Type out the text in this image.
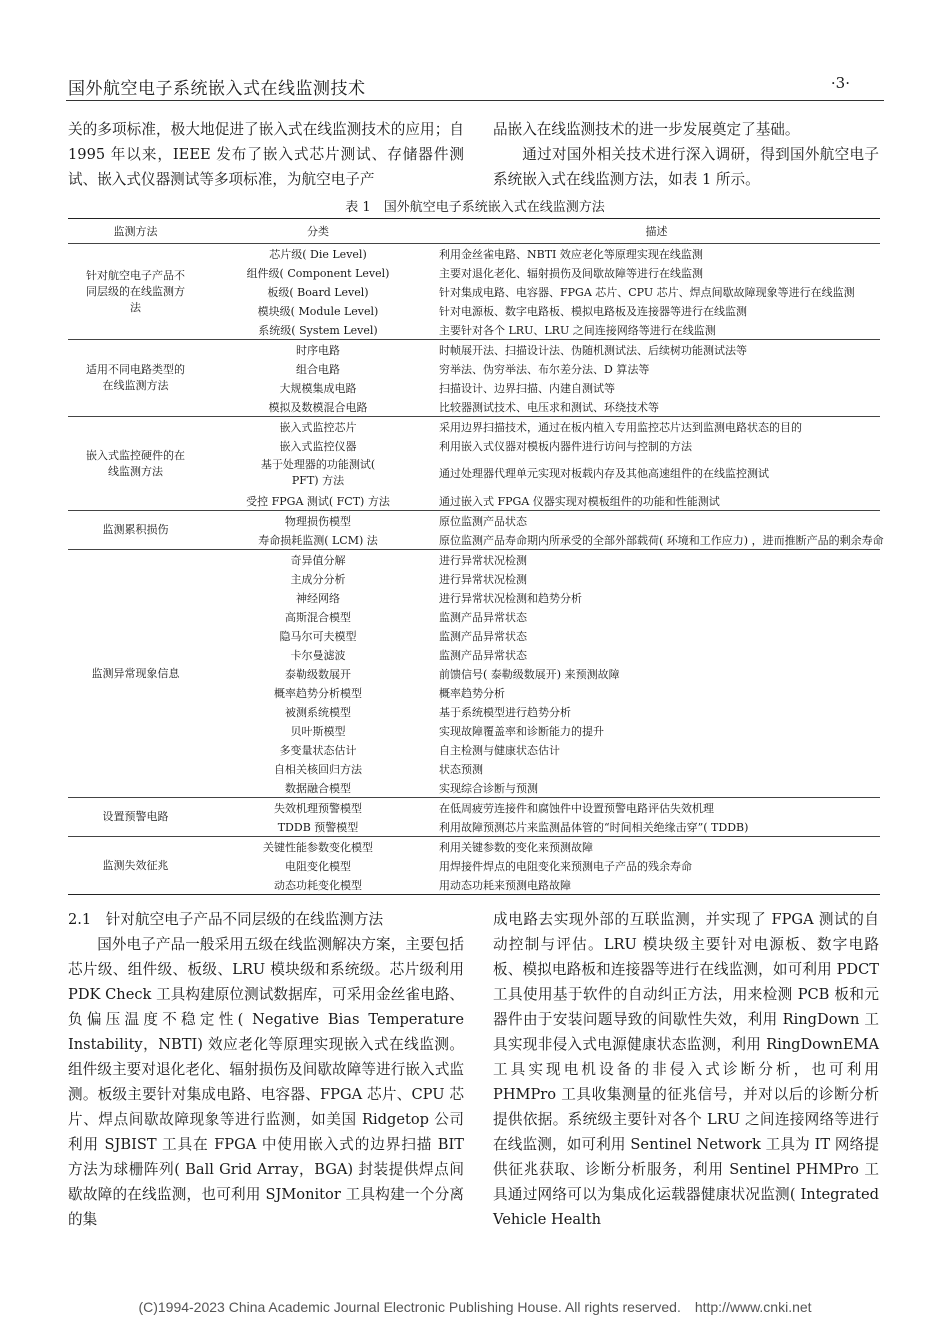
国外航空电子系统嵌入式在线监测技术	·3·

关的多项标准，极大地促进了嵌入式在线监测技术的应用；自 1995 年以来，IEEE 发布了嵌入式芯片测试、存储器件测试、嵌入式仪器测试等多项标准，为航空电子产

品嵌入在线监测技术的进一步发展奠定了基础。

通过对国外相关技术进行深入调研，得到国外航空电子系统嵌入式在线监测方法，如表 1 所示。

表 1　国外航空电子系统嵌入式在线监测方法
监测方法	分类	描述
针对航空电子产品不同层级的在线监测方法	芯片级( Die Level)	利用金丝雀电路、NBTI 效应老化等原理实现在线监测
	组件级( Component Level)	主要对退化老化、辐射损伤及间歇故障等进行在线监测
	板级( Board Level)	针对集成电路、电容器、FPGA 芯片、CPU 芯片、焊点间歇故障现象等进行在线监测
	模块级( Module Level)	针对电源板、数字电路板、模拟电路板及连接器等进行在线监测
	系统级( System Level)	主要针对各个 LRU、LRU 之间连接网络等进行在线监测
适用不同电路类型的在线监测方法	时序电路	时帧展开法、扫描设计法、伪随机测试法、后续树功能测试法等
	组合电路	穷举法、伪穷举法、布尔差分法、D 算法等
	大规模集成电路	扫描设计、边界扫描、内建自测试等
	模拟及数模混合电路	比较器测试技术、电压求和测试、环绕技术等
嵌入式监控硬件的在线监测方法	嵌入式监控芯片	采用边界扫描技术，通过在板内植入专用监控芯片达到监测电路状态的目的
	嵌入式监控仪器	利用嵌入式仪器对模板内器件进行访问与控制的方法
	基于处理器的功能测试( PFT) 方法	通过处理器代理单元实现对板载内存及其他高速组件的在线监控测试
	受控 FPGA 测试( FCT) 方法	通过嵌入式 FPGA 仪器实现对模板组件的功能和性能测试
监测累积损伤	物理损伤模型	原位监测产品状态
	寿命损耗监测( LCM) 法	原位监测产品寿命期内所承受的全部外部载荷( 环境和工作应力) ，进而推断产品的剩余寿命
监测异常现象信息	奇异值分解	进行异常状况检测
	主成分分析	进行异常状况检测
	神经网络	进行异常状况检测和趋势分析
	高斯混合模型	监测产品异常状态
	隐马尔可夫模型	监测产品异常状态
	卡尔曼滤波	监测产品异常状态
	泰勒级数展开	前馈信号( 泰勒级数展开) 来预测故障
	概率趋势分析模型	概率趋势分析
	被测系统模型	基于系统模型进行趋势分析
	贝叶斯模型	实现故障覆盖率和诊断能力的提升
	多变量状态估计	自主检测与健康状态估计
	自相关核回归方法	状态预测
	数据融合模型	实现综合诊断与预测
设置预警电路	失效机理预警模型	在低周疲劳连接件和腐蚀件中设置预警电路评估失效机理
	TDDB 预警模型	利用故障预测芯片来监测晶体管的“时间相关绝缘击穿”( TDDB)
监测失效征兆	关键性能参数变化模型	利用关键参数的变化来预测故障
	电阻变化模型	用焊接件焊点的电阻变化来预测电子产品的残余寿命
	动态功耗变化模型	用动态功耗来预测电路故障

2.1　针对航空电子产品不同层级的在线监测方法

国外电子产品一般采用五级在线监测解决方案，主要包括芯片级、组件级、板级、LRU 模块级和系统级。芯片级利用 PDK Check 工具构建原位测试数据库，可采用金丝雀电路、负偏压温度不稳定性( Negative Bias Temperature Instability，NBTI) 效应老化等原理实现嵌入式在线监测。组件级主要对退化老化、辐射损伤及间歇故障等进行嵌入式监测。板级主要针对集成电路、电容器、FPGA 芯片、CPU 芯片、焊点间歇故障现象等进行监测，如美国 Ridgetop 公司利用 SJBIST 工具在 FPGA 中使用嵌入式的边界扫描 BIT 方法为球栅阵列( Ball Grid Array，BGA) 封装提供焊点间歇故障的在线监测，也可利用 SJMonitor 工具构建一个分离的集

成电路去实现外部的互联监测，并实现了 FPGA 测试的自动控制与评估。LRU 模块级主要针对电源板、数字电路板、模拟电路板和连接器等进行在线监测，如可利用 PDCT 工具使用基于软件的自动纠正方法，用来检测 PCB 板和元器件由于安装问题导致的间歇性失效，利用 RingDown 工具实现非侵入式电源健康状态监测，利用 RingDownEMA 工具实现电机设备的非侵入式诊断分析，也可利用 PHMPro 工具收集测量的征兆信号，并对以后的诊断分析提供依据。系统级主要针对各个 LRU 之间连接网络等进行在线监测，如可利用 Sentinel Network 工具为 IT 网络提供征兆获取、诊断分析服务，利用 Sentinel PHMPro 工具通过网络可以为集成化运载器健康状况监测( Integrated Vehicle Health

(C)1994-2023 China Academic Journal Electronic Publishing House. All rights reserved.　http://www.cnki.net
